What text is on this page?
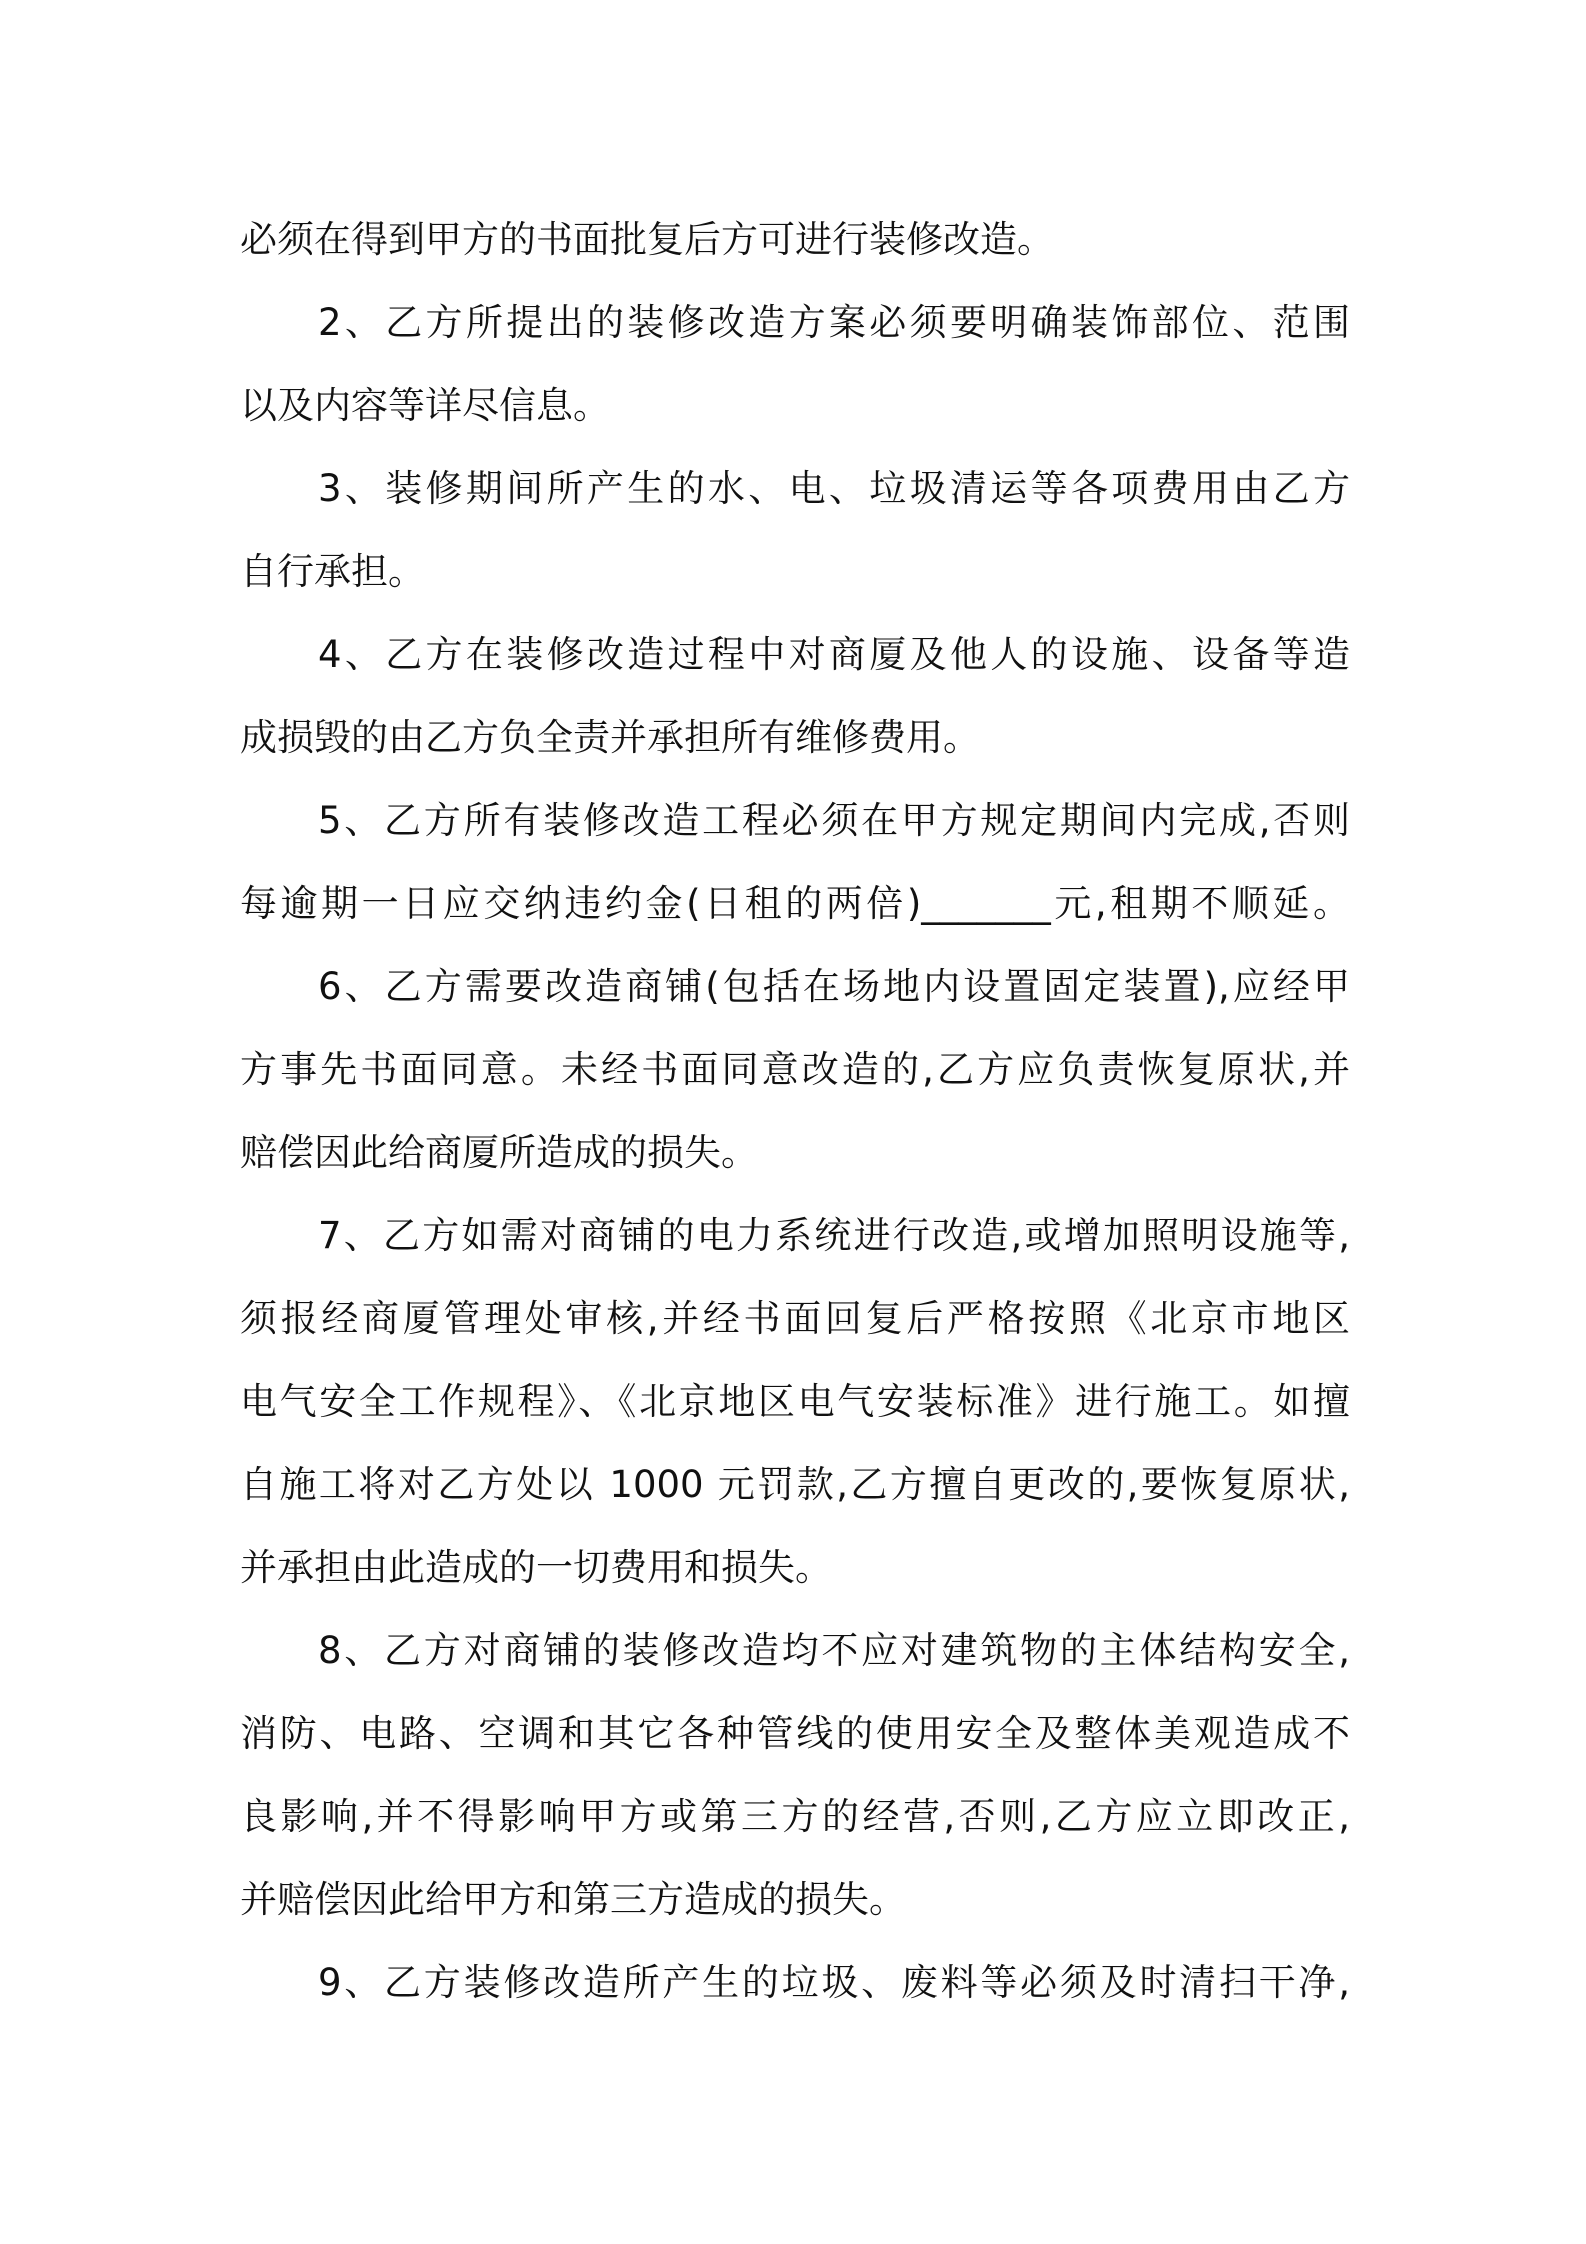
必须在得到甲方的书面批复后方可进行装修改造。
2、乙方所提出的装修改造方案必须要明确装饰部位、范围
以及内容等详尽信息。
3、装修期间所产生的水、电、垃圾清运等各项费用由乙方
自行承担。
4、乙方在装修改造过程中对商厦及他人的设施、设备等造
成损毁的由乙方负全责并承担所有维修费用。
5、乙方所有装修改造工程必须在甲方规定期间内完成,否则
每逾期一日应交纳违约金(日租的两倍)_______元,租期不顺延。
6、乙方需要改造商铺(包括在场地内设置固定装置),应经甲
方事先书面同意。未经书面同意改造的,乙方应负责恢复原状,并
赔偿因此给商厦所造成的损失。
7、乙方如需对商铺的电力系统进行改造,或增加照明设施等,
须报经商厦管理处审核,并经书面回复后严格按照《北京市地区
电气安全工作规程》、《北京地区电气安装标准》进行施工。如擅
自施工将对乙方处以 1000 元罚款,乙方擅自更改的,要恢复原状,
并承担由此造成的一切费用和损失。
8、乙方对商铺的装修改造均不应对建筑物的主体结构安全,
消防、电路、空调和其它各种管线的使用安全及整体美观造成不
良影响,并不得影响甲方或第三方的经营,否则,乙方应立即改正,
并赔偿因此给甲方和第三方造成的损失。
9、乙方装修改造所产生的垃圾、废料等必须及时清扫干净,
